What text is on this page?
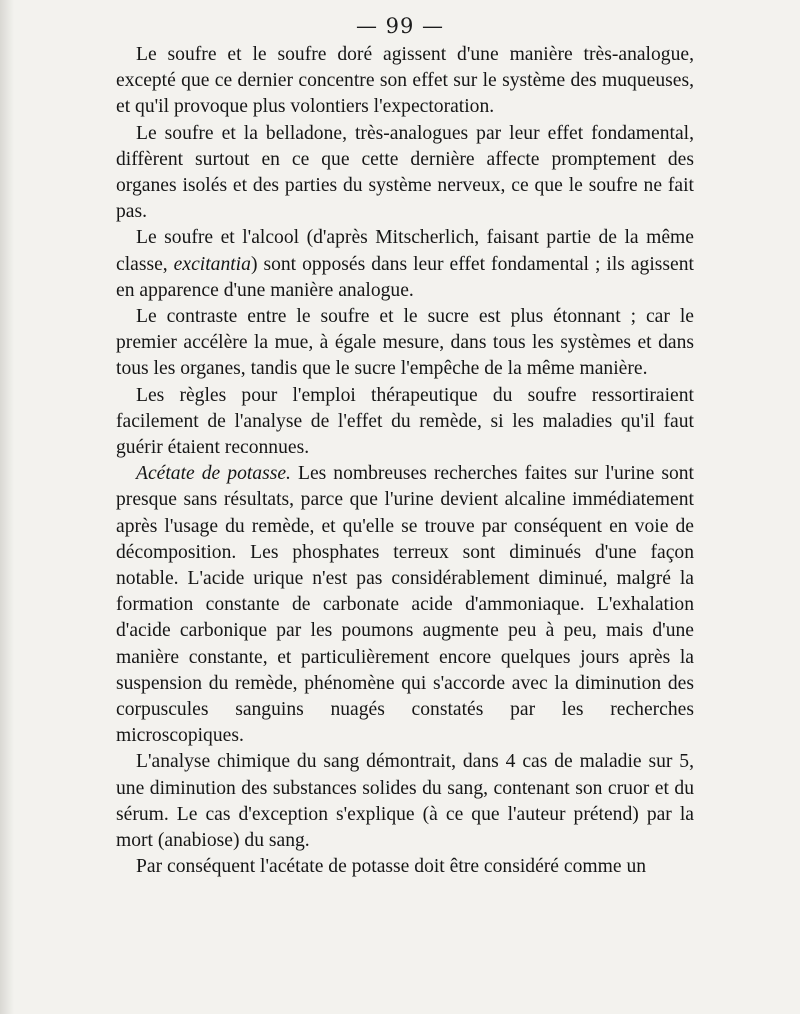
— 99 —

Le soufre et le soufre doré agissent d'une manière très-analogue, excepté que ce dernier concentre son effet sur le système des muqueuses, et qu'il provoque plus volontiers l'expectoration.

Le soufre et la belladone, très-analogues par leur effet fondamental, diffèrent surtout en ce que cette dernière affecte promptement des organes isolés et des parties du système nerveux, ce que le soufre ne fait pas.

Le soufre et l'alcool (d'après Mitscherlich, faisant partie de la même classe, excitantia) sont opposés dans leur effet fondamental ; ils agissent en apparence d'une manière analogue.

Le contraste entre le soufre et le sucre est plus étonnant ; car le premier accélère la mue, à égale mesure, dans tous les systèmes et dans tous les organes, tandis que le sucre l'empêche de la même manière.

Les règles pour l'emploi thérapeutique du soufre ressortiraient facilement de l'analyse de l'effet du remède, si les maladies qu'il faut guérir étaient reconnues.

Acétate de potasse. Les nombreuses recherches faites sur l'urine sont presque sans résultats, parce que l'urine devient alcaline immédiatement après l'usage du remède, et qu'elle se trouve par conséquent en voie de décomposition. Les phosphates terreux sont diminués d'une façon notable. L'acide urique n'est pas considérablement diminué, malgré la formation constante de carbonate acide d'ammoniaque. L'exhalation d'acide carbonique par les poumons augmente peu à peu, mais d'une manière constante, et particulièrement encore quelques jours après la suspension du remède, phénomène qui s'accorde avec la diminution des corpuscules sanguins nuagés constatés par les recherches microscopiques.

L'analyse chimique du sang démontrait, dans 4 cas de maladie sur 5, une diminution des substances solides du sang, contenant son cruor et du sérum. Le cas d'exception s'explique (à ce que l'auteur prétend) par la mort (anabiose) du sang.

Par conséquent l'acétate de potasse doit être considéré comme un
